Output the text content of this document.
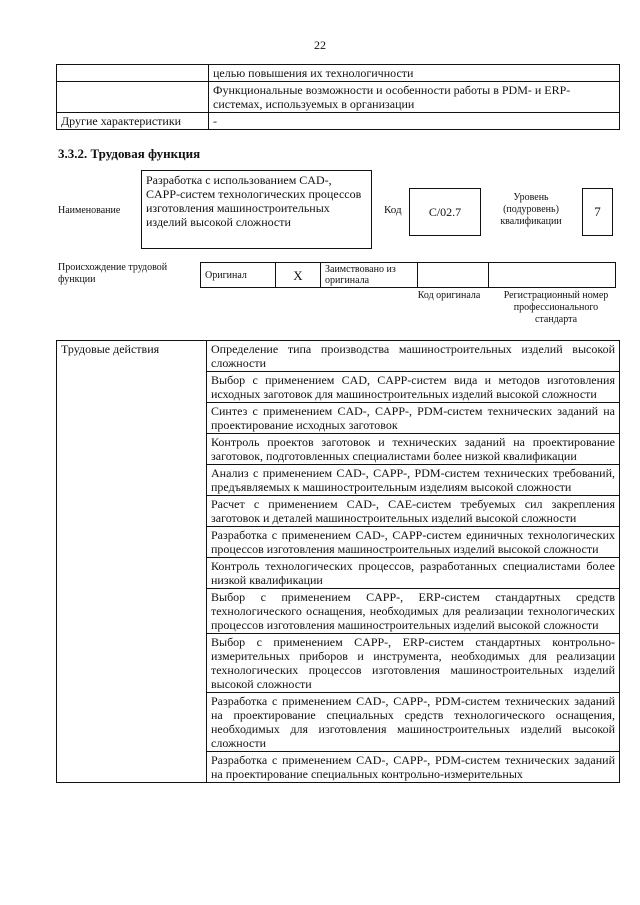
22
	целью повышения их технологичности
	Функциональные возможности и особенности работы в PDM- и ERP-системах, используемых в организации
Другие характеристики	-
3.3.2. Трудовая функция
Наименование
Разработка с использованием CAD-, CAPP-систем технологических процессов изготовления машиностроительных изделий высокой сложности
Код	C/02.7
Уровень (подуровень) квалификации
7
Происхождение трудовой функции	Оригинал	X	Заимствовано из оригинала		
Код оригинала	Регистрационный номер профессионального стандарта
Трудовые действия	Определение типа производства машиностроительных изделий высокой сложности
Выбор с применением CAD, CAPP-систем вида и методов изготовления исходных заготовок для машиностроительных изделий высокой сложности
Синтез с применением CAD-, CAPP-, PDM-систем технических заданий на проектирование исходных заготовок
Контроль проектов заготовок и технических заданий на проектирование заготовок, подготовленных специалистами более низкой квалификации
Анализ с применением CAD-, CAPP-, PDM-систем технических требований, предъявляемых к машиностроительным изделиям высокой сложности
Расчет с применением CAD-, CAE-систем требуемых сил закрепления заготовок и деталей машиностроительных изделий высокой сложности
Разработка с применением CAD-, CAPP-систем единичных технологических процессов изготовления машиностроительных изделий высокой сложности
Контроль технологических процессов, разработанных специалистами более низкой квалификации
Выбор с применением CAPP-, ERP-систем стандартных средств технологического оснащения, необходимых для реализации технологических процессов изготовления машиностроительных изделий высокой сложности
Выбор с применением CAPP-, ERP-систем стандартных контрольно-измерительных приборов и инструмента, необходимых для реализации технологических процессов изготовления машиностроительных изделий высокой сложности
Разработка с применением CAD-, CAPP-, PDM-систем технических заданий на проектирование специальных средств технологического оснащения, необходимых для изготовления машиностроительных изделий высокой сложности
Разработка с применением CAD-, CAPP-, PDM-систем технических заданий на проектирование специальных контрольно-измерительных
